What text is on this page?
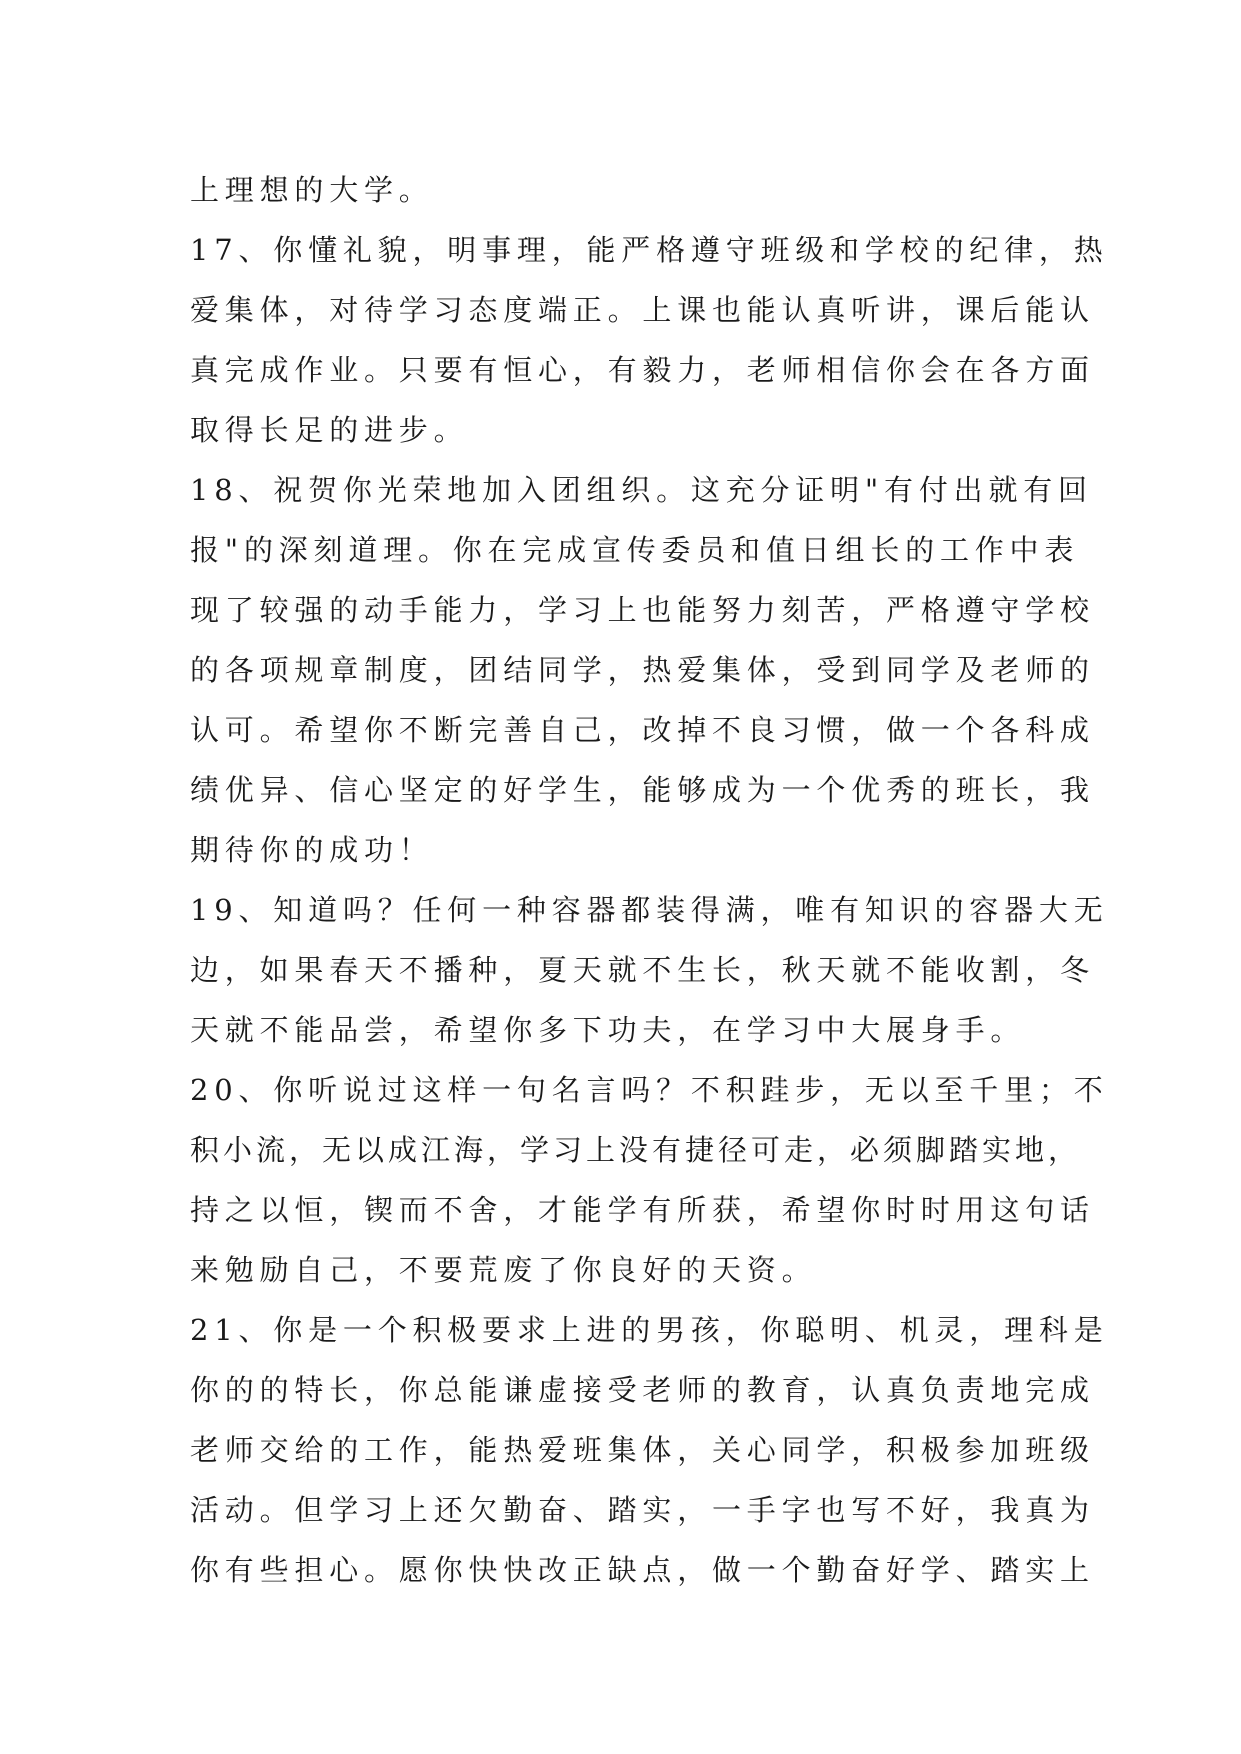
上理想的大学。
17、你懂礼貌，明事理，能严格遵守班级和学校的纪律，热
爱集体，对待学习态度端正。上课也能认真听讲，课后能认
真完成作业。只要有恒心，有毅力，老师相信你会在各方面
取得长足的进步。
18、祝贺你光荣地加入团组织。这充分证明"有付出就有回
报"的深刻道理。你在完成宣传委员和值日组长的工作中表
现了较强的动手能力，学习上也能努力刻苦，严格遵守学校
的各项规章制度，团结同学，热爱集体，受到同学及老师的
认可。希望你不断完善自己，改掉不良习惯，做一个各科成
绩优异、信心坚定的好学生，能够成为一个优秀的班长，我
期待你的成功！
19、知道吗？任何一种容器都装得满，唯有知识的容器大无
边，如果春天不播种，夏天就不生长，秋天就不能收割，冬
天就不能品尝，希望你多下功夫，在学习中大展身手。
20、你听说过这样一句名言吗？不积跬步，无以至千里；不
积小流，无以成江海，学习上没有捷径可走，必须脚踏实地，
持之以恒，锲而不舍，才能学有所获，希望你时时用这句话
来勉励自己，不要荒废了你良好的天资。
21、你是一个积极要求上进的男孩，你聪明、机灵，理科是
你的的特长，你总能谦虚接受老师的教育，认真负责地完成
老师交给的工作，能热爱班集体，关心同学，积极参加班级
活动。但学习上还欠勤奋、踏实，一手字也写不好，我真为
你有些担心。愿你快快改正缺点，做一个勤奋好学、踏实上
